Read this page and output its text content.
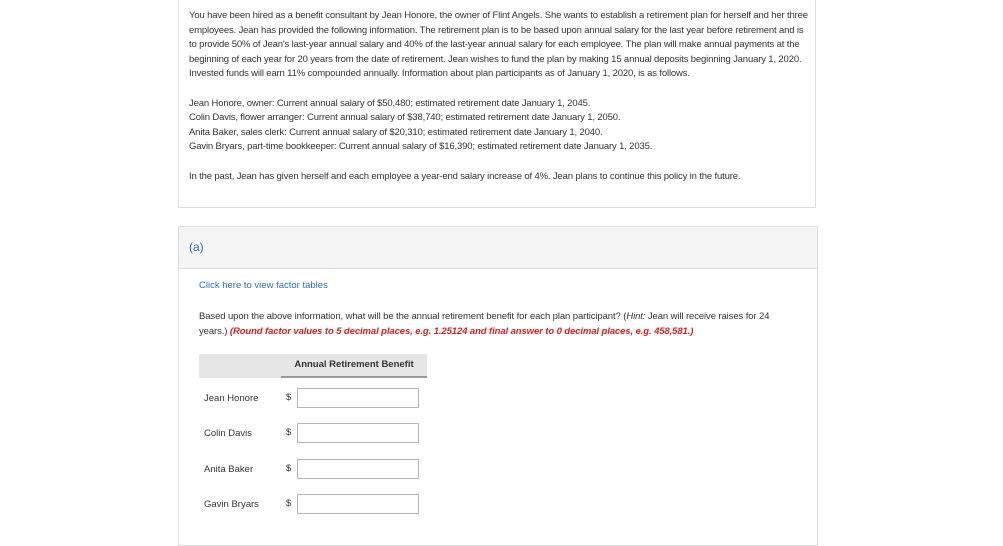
You have been hired as a benefit consultant by Jean Honore, the owner of Flint Angels. She wants to establish a retirement plan for herself and her three employees. Jean has provided the following information. The retirement plan is to be based upon annual salary for the last year before retirement and is to provide 50% of Jean's last-year annual salary and 40% of the last-year annual salary for each employee. The plan will make annual payments at the beginning of each year for 20 years from the date of retirement. Jean wishes to fund the plan by making 15 annual deposits beginning January 1, 2020. Invested funds will earn 11% compounded annually. Information about plan participants as of January 1, 2020, is as follows.

Jean Honore, owner: Current annual salary of $50,480; estimated retirement date January 1, 2045.

Colin Davis, flower arranger: Current annual salary of $38,740; estimated retirement date January 1, 2050.

Anita Baker, sales clerk: Current annual salary of $20,310; estimated retirement date January 1, 2040.

Gavin Bryars, part-time bookkeeper: Current annual salary of $16,390; estimated retirement date January 1, 2035.

In the past, Jean has given herself and each employee a year-end salary increase of 4%. Jean plans to continue this policy in the future.

(a)
Click here to view factor tables
Based upon the above information, what will be the annual retirement benefit for each plan participant? (Hint: Jean will receive raises for 24 years.) (Round factor values to 5 decimal places, e.g. 1.25124 and final answer to 0 decimal places, e.g. 458,581.)
Annual Retirement Benefit
Jean Honore	$
Colin Davis	$
Anita Baker	$
Gavin Bryars	$
